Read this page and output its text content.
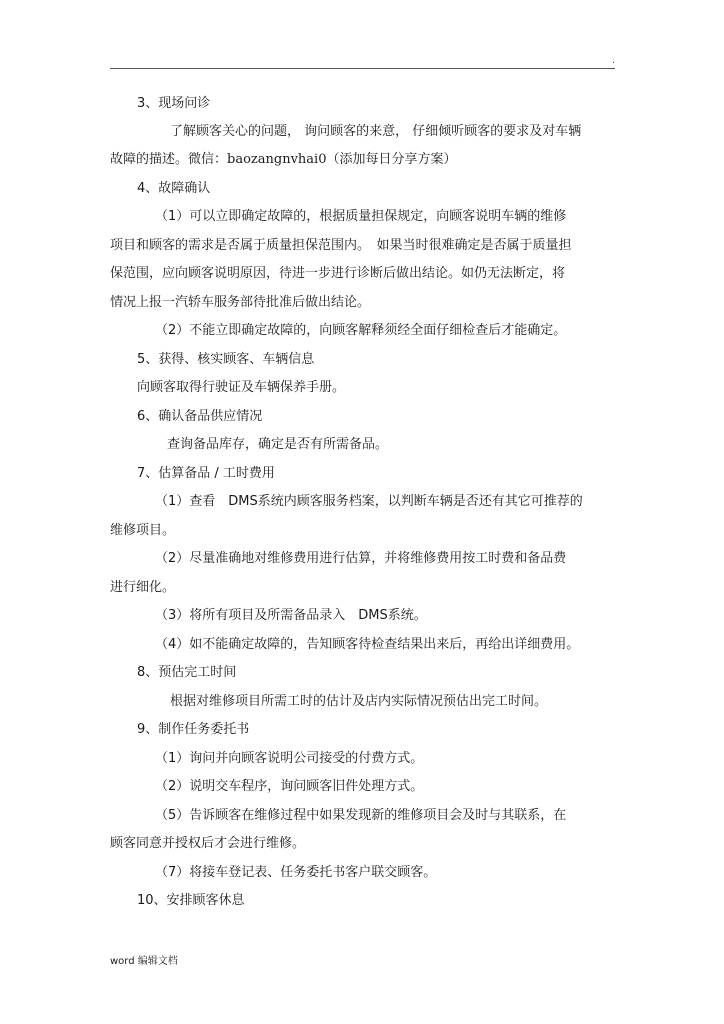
.
3、现场问诊
了解顾客关心的问题， 询问顾客的来意， 仔细倾听顾客的要求及对车辆
故障的描述。 微信：baozangnvhai0（添加每日分享方案）
4、故障确认
（1）可以立即确定故障的，根据质量担保规定，向顾客说明车辆的维修
项目和顾客的需求是否属于质量担保范围内。　如果当时很难确定是否属于质量担
保范围，应向顾客说明原因，待进一步进行诊断后做出结论。如仍无法断定，将
情况上报一汽轿车服务部待批准后做出结论。
（2）不能立即确定故障的，向顾客解释须经全面仔细检查后才能确定。
5、获得、核实顾客、车辆信息
向顾客取得行驶证及车辆保养手册。
6、确认备品供应情况
查询备品库存，确定是否有所需备品。
7、估算备品 / 工时费用
（1）查看　DMS系统内顾客服务档案，以判断车辆是否还有其它可推荐的
维修项目。
（2）尽量准确地对维修费用进行估算，并将维修费用按工时费和备品费
进行细化。
（3）将所有项目及所需备品录入　DMS系统。
（4）如不能确定故障的，告知顾客待检查结果出来后，再给出详细费用。
8、预估完工时间
根据对维修项目所需工时的估计及店内实际情况预估出完工时间。
9、制作任务委托书
（1）询问并向顾客说明公司接受的付费方式。
（2）说明交车程序，询问顾客旧件处理方式。
（5）告诉顾客在维修过程中如果发现新的维修项目会及时与其联系，在
顾客同意并授权后才会进行维修。
（7）将接车登记表、任务委托书客户联交顾客。
10、安排顾客休息
word 编辑文档
